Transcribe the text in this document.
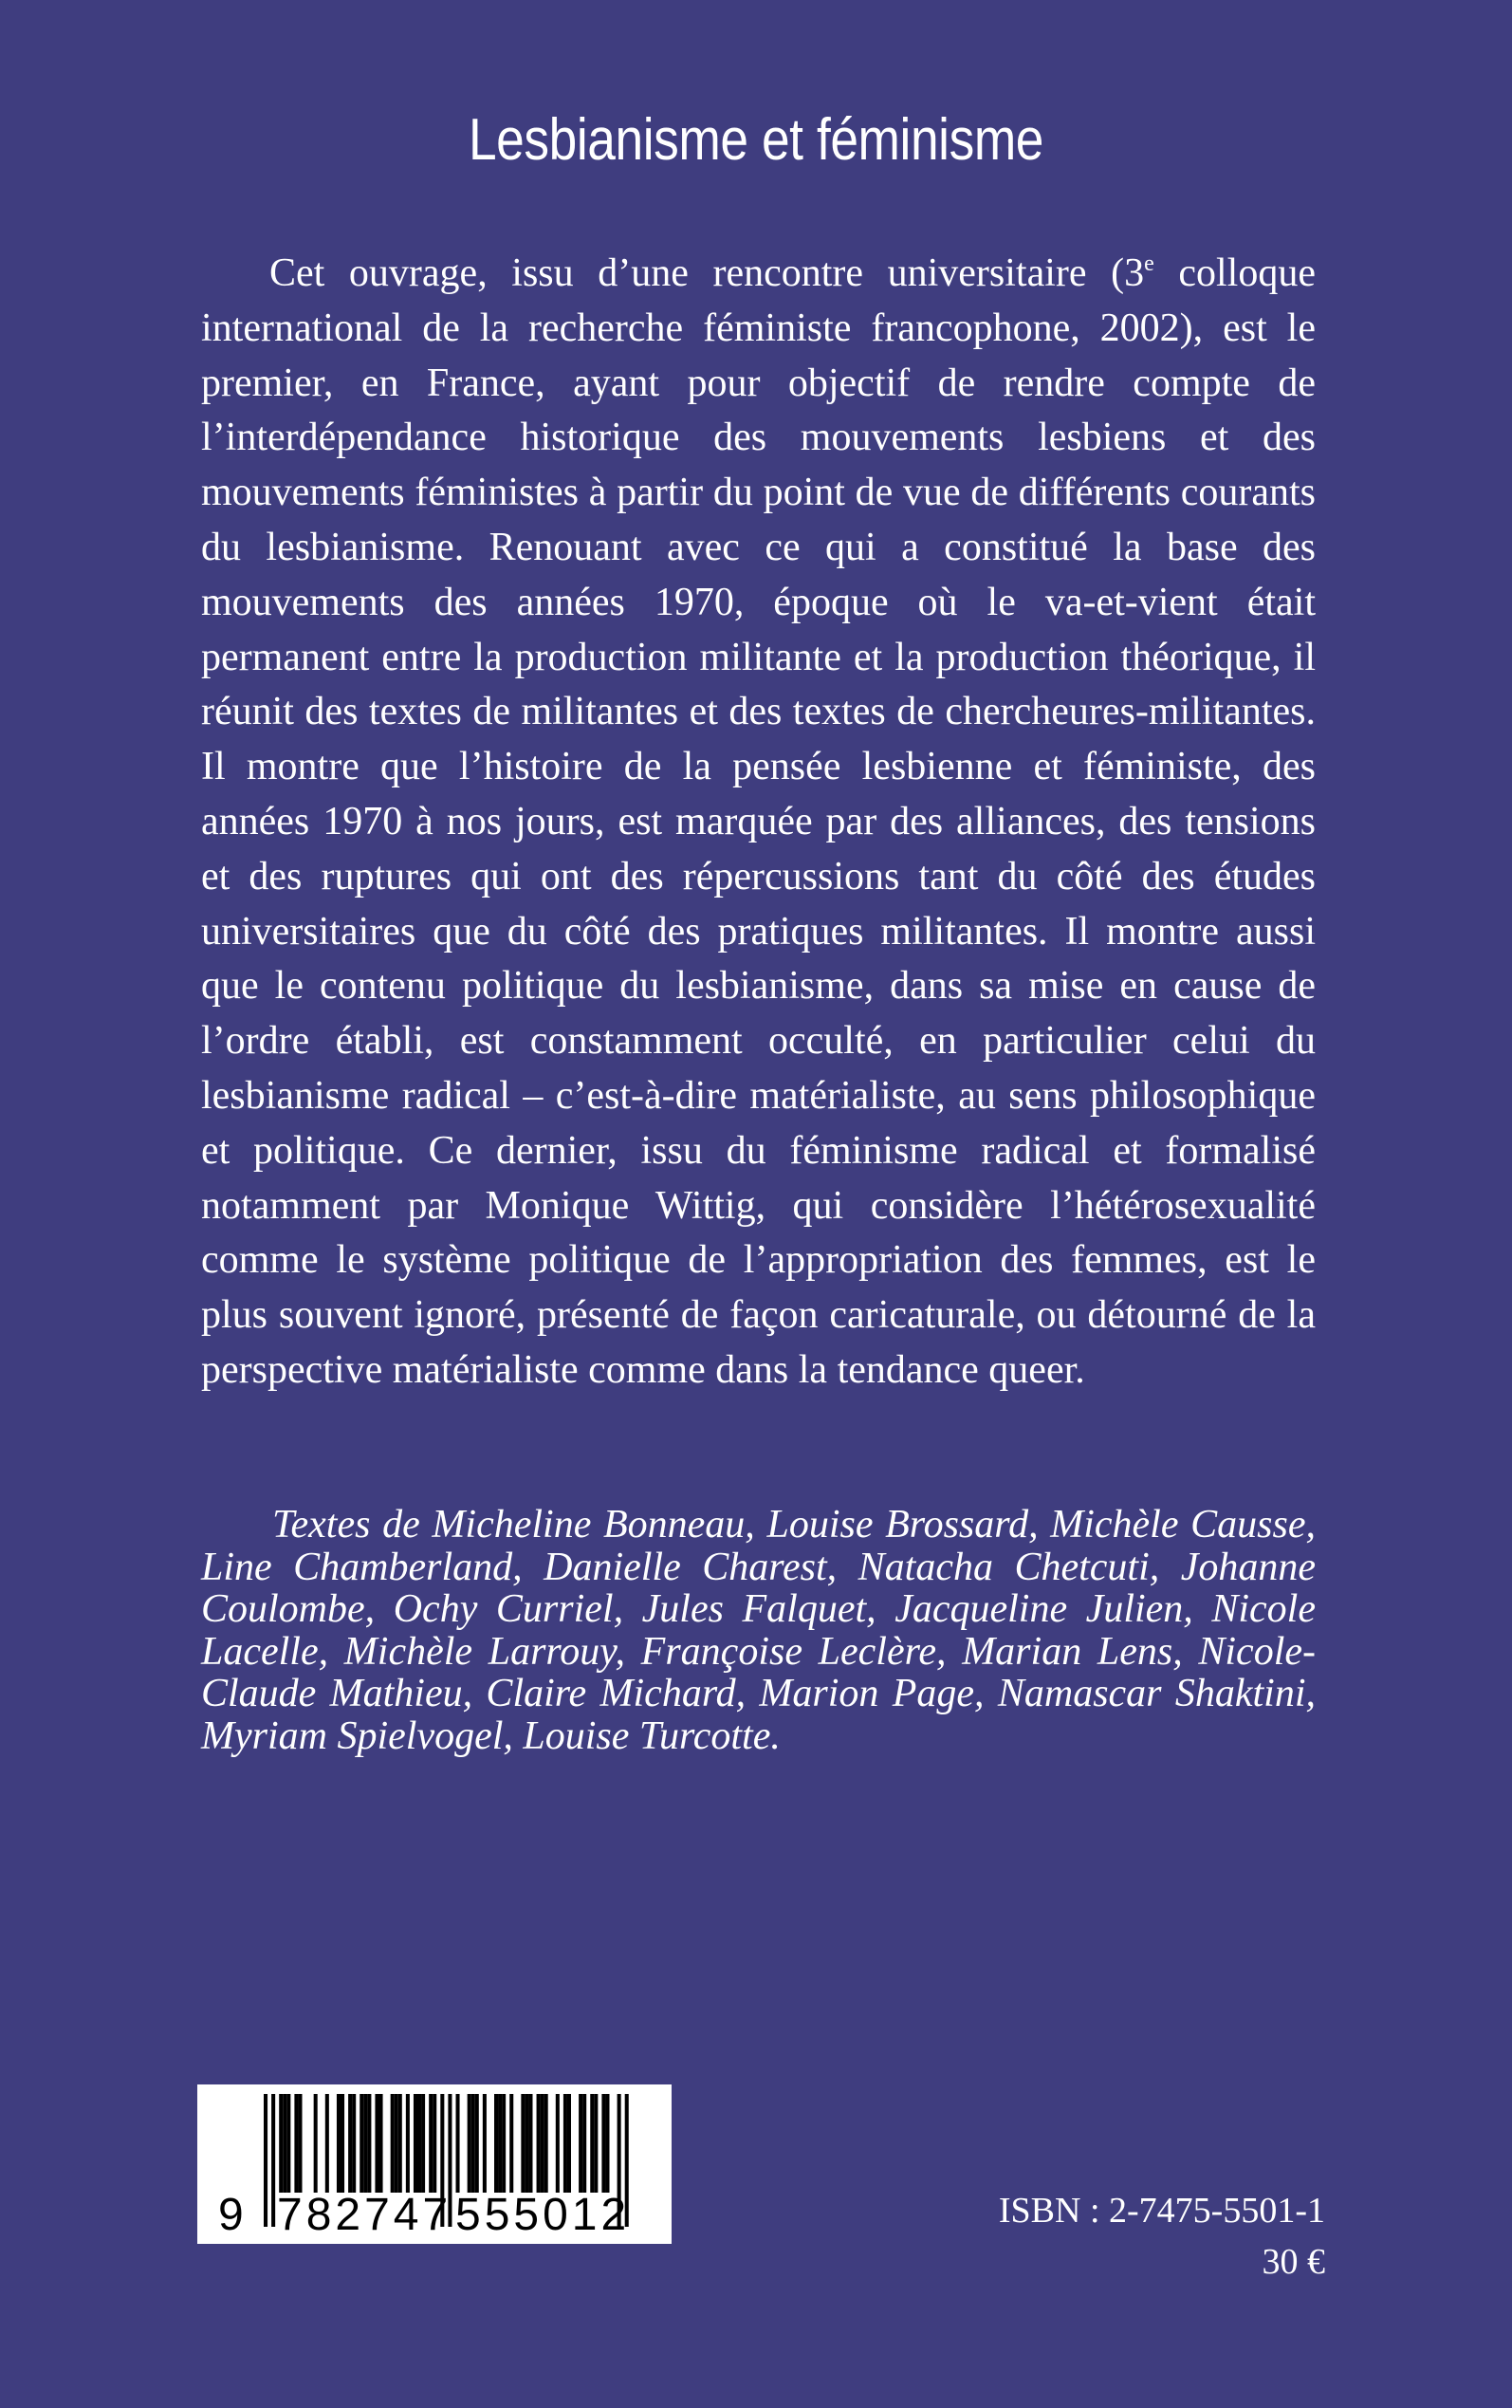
Lesbianisme et féminisme

Cet ouvrage, issu d’une rencontre universitaire (3e colloque international de la recherche féministe francophone, 2002), est le premier, en France, ayant pour objectif de rendre compte de l’interdépendance historique des mouvements lesbiens et des mouvements féministes à partir du point de vue de différents courants du lesbianisme. Renouant avec ce qui a constitué la base des mouvements des années 1970, époque où le va-et-vient était permanent entre la production militante et la production théorique, il réunit des textes de militantes et des textes de chercheures-militantes. Il montre que l’histoire de la pensée lesbienne et féministe, des années 1970 à nos jours, est marquée par des alliances, des tensions et des ruptures qui ont des répercussions tant du côté des études universitaires que du côté des pratiques militantes. Il montre aussi que le contenu politique du lesbianisme, dans sa mise en cause de l’ordre établi, est constamment occulté, en particulier celui du lesbianisme radical – c’est-à-dire matérialiste, au sens philosophique et politique. Ce dernier, issu du féminisme radical et formalisé notamment par Monique Wittig, qui considère l’hétérosexualité comme le système politique de l’appropriation des femmes, est le plus souvent ignoré, présenté de façon caricaturale, ou détourné de la perspective matérialiste comme dans la tendance queer.

Textes de Micheline Bonneau, Louise Brossard, Michèle Causse, Line Chamberland, Danielle Charest, Natacha Chetcuti, Johanne Coulombe, Ochy Curriel, Jules Falquet, Jacqueline Julien, Nicole Lacelle, Michèle Larrouy, Françoise Leclère, Marian Lens, Nicole-Claude Mathieu, Claire Michard, Marion Page, Namascar Shaktini, Myriam Spielvogel, Louise Turcotte.

9 782747 555012	ISBN : 2-7475-5501-1
30 €
